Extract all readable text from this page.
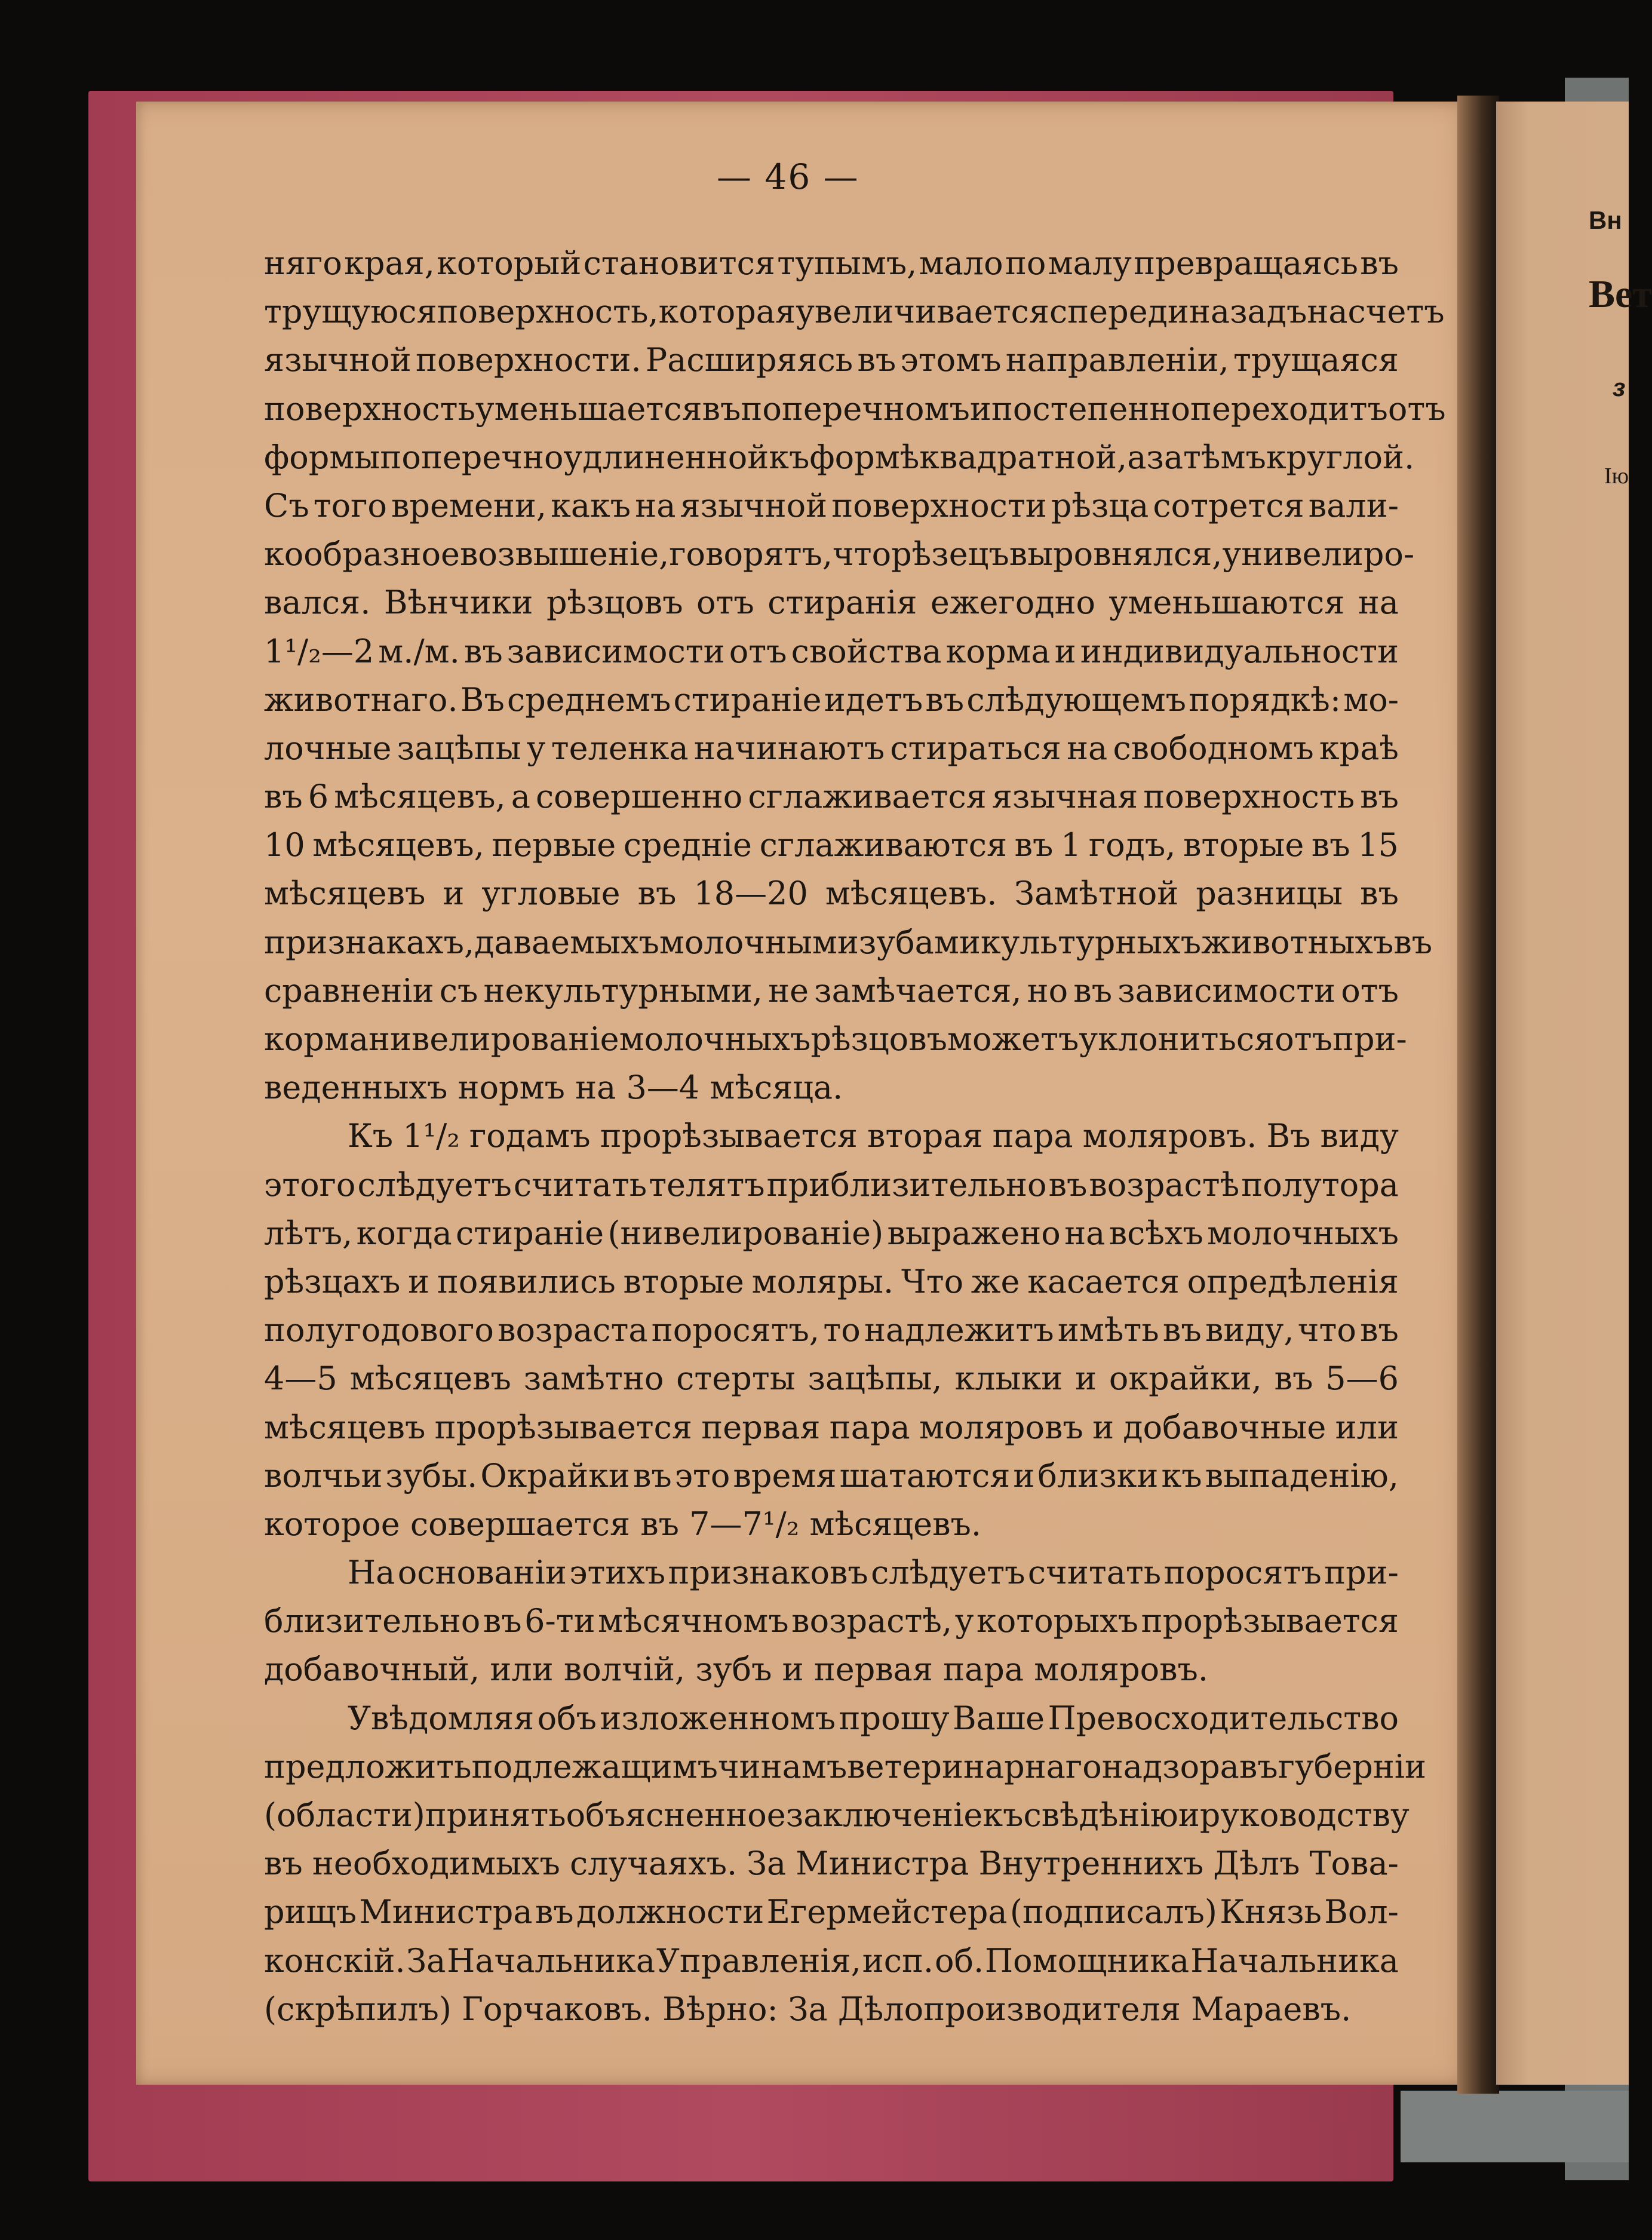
Вн
Вет
з
Ію
— 46 —
няго края, который становится тупымъ, мало по малу превращаясь въ
трущуюся поверхность, которая увеличивается спереди назадъ на счетъ
язычной поверхности. Расширяясь въ этомъ направленіи, трущаяся
поверхность уменьшается въ поперечномъ и постепенно переходитъ отъ
формы поперечноудлиненной къ формѣ квадратной, а затѣмъ круглой.
Съ того времени, какъ на язычной поверхности рѣзца сотрется вали-
кообразное возвышеніе, говорятъ, что рѣзецъ выровнялся, унивелиро-
вался. Вѣнчики рѣзцовъ отъ стиранія ежегодно уменьшаются на
1¹/₂—2 м./м. въ зависимости отъ свойства корма и индивидуальности
животнаго. Въ среднемъ стираніе идетъ въ слѣдующемъ порядкѣ: мо-
лочные зацѣпы у теленка начинаютъ стираться на свободномъ краѣ
въ 6 мѣсяцевъ, а совершенно сглаживается язычная поверхность въ
10 мѣсяцевъ, первые средніе сглаживаются въ 1 годъ, вторые въ 15
мѣсяцевъ и угловые въ 18—20 мѣсяцевъ. Замѣтной разницы въ
признакахъ, даваемыхъ молочными зубами культурныхъ животныхъ въ
сравненіи съ некультурными, не замѣчается, но въ зависимости отъ
корма нивелированіе молочныхъ рѣзцовъ можетъ уклониться отъ при-
веденныхъ нормъ на 3—4 мѣсяца.
Къ 1¹/₂ годамъ прорѣзывается вторая пара моляровъ. Въ виду
этого слѣдуетъ считать телятъ приблизительно въ возрастѣ полутора
лѣтъ, когда стираніе (нивелированіе) выражено на всѣхъ молочныхъ
рѣзцахъ и появились вторые моляры. Что же касается опредѣленія
полугодового возраста поросятъ, то надлежитъ имѣть въ виду, что въ
4—5 мѣсяцевъ замѣтно стерты зацѣпы, клыки и окрайки, въ 5—6
мѣсяцевъ прорѣзывается первая пара моляровъ и добавочные или
волчьи зубы. Окрайки въ это время шатаются и близки къ выпаденію,
которое совершается въ 7—7¹/₂ мѣсяцевъ.
На основаніи этихъ признаковъ слѣдуетъ считать поросятъ при-
близительно въ 6-ти мѣсячномъ возрастѣ, у которыхъ прорѣзывается
добавочный, или волчій, зубъ и первая пара моляровъ.
Увѣдомляя объ изложенномъ прошу Ваше Превосходительство
предложить подлежащимъ чинамъ ветеринарнаго надзора въ губерніи
(области) принять объясненное заключеніе къ свѣдѣнію и руководству
въ необходимыхъ случаяхъ. За Министра Внутреннихъ Дѣлъ Това-
рищъ Министра въ должности Егермейстера (подписалъ) Князь Вол-
конскій. За Начальника Управленія, исп. об. Помощника Начальника
(скрѣпилъ) Горчаковъ. Вѣрно: За Дѣлопроизводителя Мараевъ.
